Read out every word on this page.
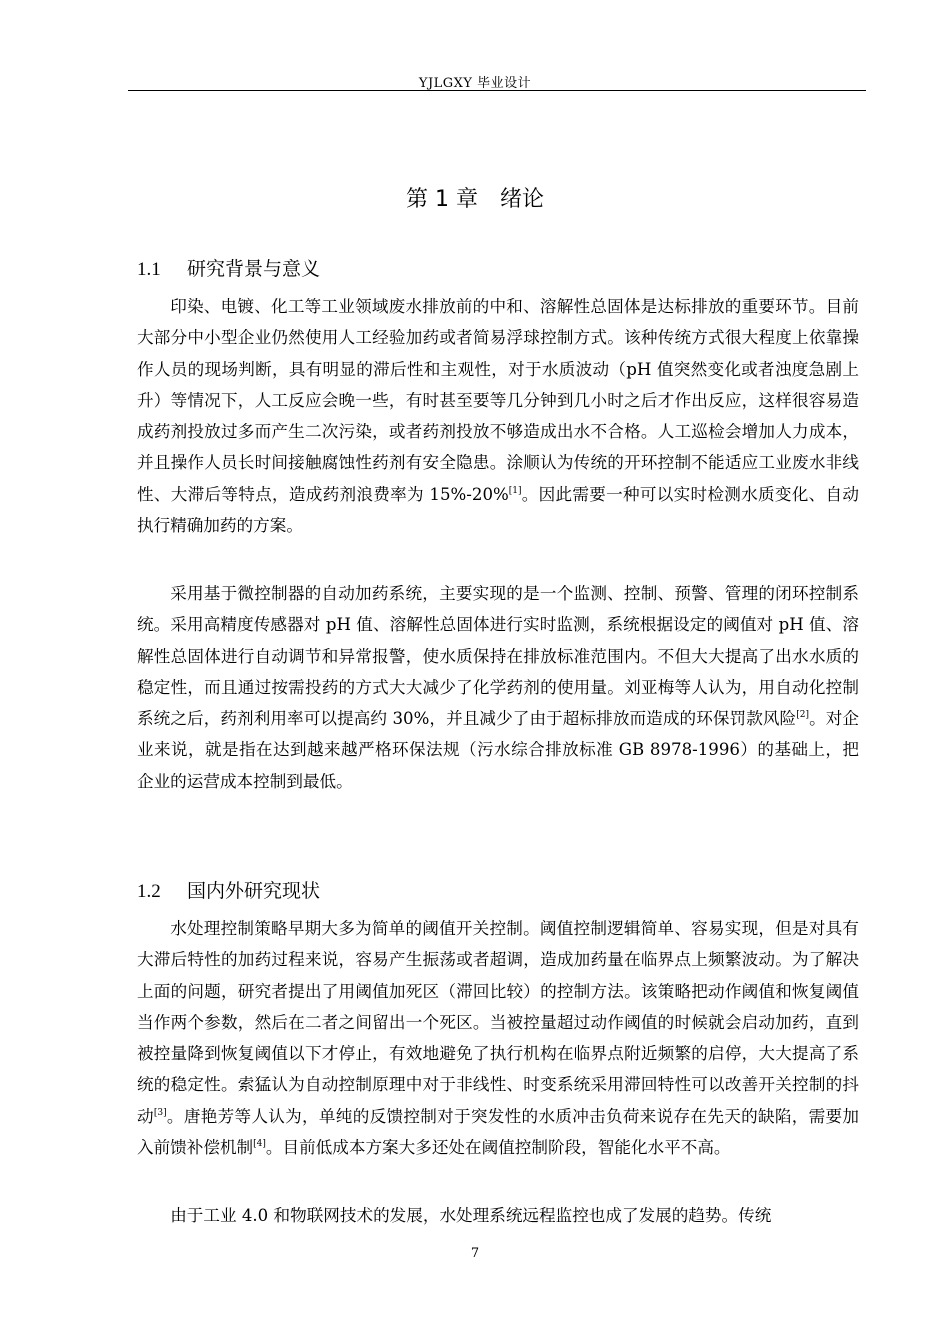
YJLGXY 毕业设计
第 1 章 绪论
1.1 研究背景与意义

印染、电镀、化工等工业领域废水排放前的中和、溶解性总固体是达标排放的重要环节。目前大部分中小型企业仍然使用人工经验加药或者简易浮球控制方式。该种传统方式很大程度上依靠操作人员的现场判断，具有明显的滞后性和主观性，对于水质波动（pH 值突然变化或者浊度急剧上升）等情况下，人工反应会晚一些，有时甚至要等几分钟到几小时之后才作出反应，这样很容易造成药剂投放过多而产生二次污染，或者药剂投放不够造成出水不合格。人工巡检会增加人力成本，并且操作人员长时间接触腐蚀性药剂有安全隐患。涂顺认为传统的开环控制不能适应工业废水非线性、大滞后等特点，造成药剂浪费率为 15%-20%[1]。因此需要一种可以实时检测水质变化、自动执行精确加药的方案。

采用基于微控制器的自动加药系统，主要实现的是一个监测、控制、预警、管理的闭环控制系统。采用高精度传感器对 pH 值、溶解性总固体进行实时监测，系统根据设定的阈值对 pH 值、溶解性总固体进行自动调节和异常报警，使水质保持在排放标准范围内。不但大大提高了出水水质的稳定性，而且通过按需投药的方式大大减少了化学药剂的使用量。刘亚梅等人认为，用自动化控制系统之后，药剂利用率可以提高约 30%，并且减少了由于超标排放而造成的环保罚款风险[2]。对企业来说，就是指在达到越来越严格环保法规（污水综合排放标准 GB 8978-1996）的基础上，把企业的运营成本控制到最低。

1.2 国内外研究现状

水处理控制策略早期大多为简单的阈值开关控制。阈值控制逻辑简单、容易实现，但是对具有大滞后特性的加药过程来说，容易产生振荡或者超调，造成加药量在临界点上频繁波动。为了解决上面的问题，研究者提出了用阈值加死区（滞回比较）的控制方法。该策略把动作阈值和恢复阈值当作两个参数，然后在二者之间留出一个死区。当被控量超过动作阈值的时候就会启动加药，直到被控量降到恢复阈值以下才停止，有效地避免了执行机构在临界点附近频繁的启停，大大提高了系统的稳定性。索猛认为自动控制原理中对于非线性、时变系统采用滞回特性可以改善开关控制的抖动[3]。唐艳芳等人认为，单纯的反馈控制对于突发性的水质冲击负荷来说存在先天的缺陷，需要加入前馈补偿机制[4]。目前低成本方案大多还处在阈值控制阶段，智能化水平不高。

由于工业 4.0 和物联网技术的发展，水处理系统远程监控也成了发展的趋势。传统

7
